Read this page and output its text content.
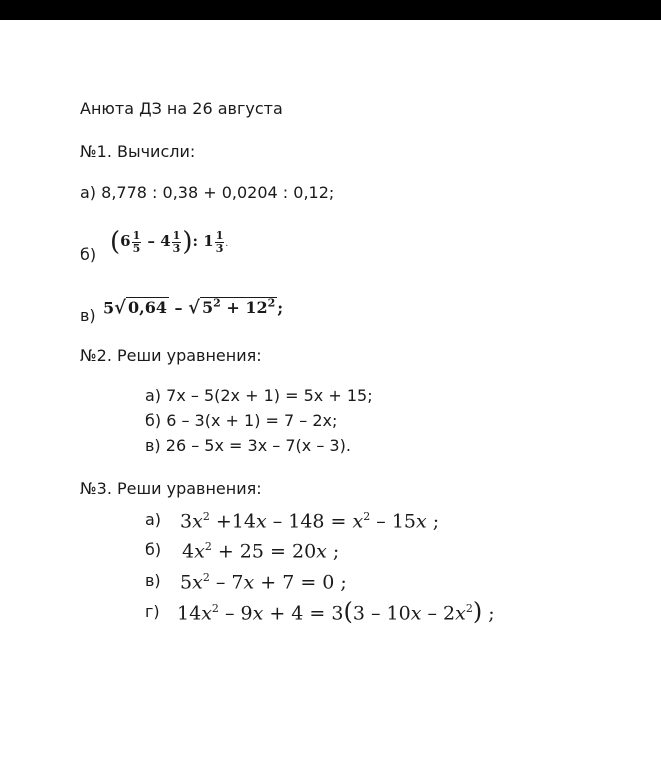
Анюта ДЗ на 26 августа
№1. Вычисли:
а) 8,778 : 0,38 + 0,0204 : 0,12;
б) ($6 \frac{1}{5} - 4 \frac{1}{3}$ ): $1 \frac{1}{3}$ .
в) 5√ 0,64 – √ $5^2 + 12^2$ ;
№2. Реши уравнения:
а) 7x – 5(2x + 1) = 5x + 15;
б) 6 – 3(x + 1) = 7 – 2x;
в) 26 – 5x = 3x – 7(x – 3).
№3. Реши уравнения:
а) $3x^2 +14x - 148 = x^2 - 15x$ ;
б) $4x^2 + 25 = 20x$ ;
в) $5x^2 - 7x + 7 = 0$ ;
г) $14x^2 - 9x + 4 = 3(3 - 10x - 2x^2)$ ;
